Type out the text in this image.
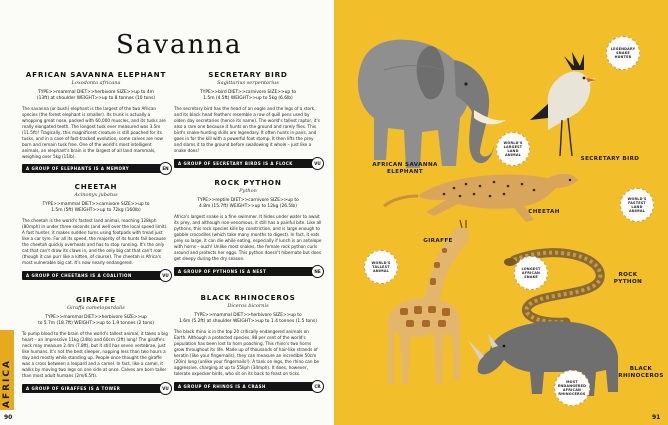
Savanna
AFRICA
AFRICAN SAVANNA ELEPHANT
Loxodonta africana
TYPE>>mammal DIET>>herbivore SIZE>>up to 4m
(13ft) at shoulder WEIGHT>>up to 8 tonnes (10 tons)
The savanna (or bush) elephant is the largest of the two African species (the forest elephant is smaller). Its trunk is actually a whopping great nose, packed with 60,000 muscles, and its tusks are really elongated teeth. The longest tusk ever measured was 3.5m (11.5ft)! Tragically, this magnificent creature is still poached for its tusks, and in a case of fast-tracked evolution, some calves are now born and remain tusk free. One of the world's most intelligent animals, an elephant's brain is the largest of all land mammals, weighing over 5kg (11lb).
A GROUP OF ELEPHANTS IS A MEMORY	EN
CHEETAH
Acinonyx jubatus
TYPE>>mammal DIET>>carnivore SIZE>>up to
1.5m (5ft) WEIGHT>>up to 72kg (160lb)
The cheetah is the world's fastest land animal, reaching 128kph (80mph) in under three seconds (and well over the local speed limit). A fast hunter, it makes sudden turns using footpads with tread just like a car tyre. For all its speed, the majority of its hunts fail because the cheetah quickly overheats and has to stop running. It's the only cat that can't draw its claws in, and the only big cat that can't roar (though it can purr like a kitten, of course). The cheetah is Africa's most vulnerable big cat. It's now nearly endangered.
A GROUP OF CHEETAHS IS A COALITION	VU
GIRAFFE
Giraffa camelopardalis
TYPE>>mammal DIET>>herbivore SIZE>>up
to 5.7m (18.7ft) WEIGHT>>up to 1.9 tonnes (2 tons)
To pump blood to the brain of the world's tallest animal, it takes a big heart – an impressive 11kg (24lb) and 60cm (2ft) long! The giraffe's neck may measure 2.4m (7.8ft), but it still has seven vertebrae, just like humans. It's not the best sleeper, napping less than two hours a day and mostly while standing up. People once thought the giraffe was a cross between a leopard and a camel. In fact, like a camel, it walks by moving two legs on one side at once. Calves are born taller than most adult humans (2m/6.5ft).
A GROUP OF GIRAFFES IS A TOWER	VU
SECRETARY BIRD
Sagittarius serpentarius
TYPE>>bird DIET>>carnivore SIZE>>up to
1.5m (4.5ft) WEIGHT>>up to 5kg (6.6lb)
The secretary bird has the head of an eagle and the legs of a stork, and its black head feathers resemble a row of quill pens used by olden day secretaries (hence its name). The world's tallest raptor, it's also a rare one because it hunts on the ground and rarely flies. This bird's snake-hunting skills are legendary. It often hunts in pairs, and goes in for the kill with a powerful foot stomp. It then lifts the prey and slams it to the ground before swallowing it whole – just like a snake does!
A GROUP OF SECRETARY BIRDS IS A FLOCK	VU
ROCK PYTHON
Python
TYPE>>reptile DIET>>carnivore SIZE>>up to
4.8m (15.7ft) WEIGHT>>up to 12kg (26.5lb)
Africa's largest snake is a fine swimmer. It hides under water to await its prey, and although non-venomous, it still has a painful bite. Like all pythons, this rock species kills by constriction, and is large enough to gobble crocodiles (which take many months to digest). In fact, it eats prey so large, it can die while eating, especially if lunch is an antelope with horns – ouch! Unlike most snakes, the female rock python curls around and protects her eggs. This python doesn't hibernate but does get sleepy during the dry season.
A GROUP OF PYTHONS IS A NEST	NE
BLACK RHINOCEROS
Diceros bicornis
TYPE>>mammal DIET>>herbivore SIZE>>up to
1.6m (5.2ft) at shoulder WEIGHT>>up to 1.4 tonnes (1.5 tons)
The black rhino is in the top 20 critically endangered animals on Earth. Although a protected species, 98 per cent of the world's population has been lost to horn poaching. This rhino's two horns grow throughout its life. Made up of thousands of hair-like strands of keratin (like your fingernails), they can measure an incredible 50cm (20in) long (unlike your fingernails!). A tank on legs, the rhino can be aggressive, charging at up to 55kph (34mph). It does, however, tolerate oxpecker birds, who sit on its back to feast on ticks.
A GROUP OF RHINOS IS A CRASH	CR
90
LEGENDARY SNAKE HUNTER
WORLD'S LARGEST LAND ANIMAL
WORLD'S FASTEST LAND ANIMAL
WORLD'S TALLEST ANIMAL
LONGEST AFRICAN SNAKE
MOST ENDANGERED AFRICAN RHINOCEROS
AFRICAN SAVANNA ELEPHANT
SECRETARY BIRD
CHEETAH
GIRAFFE
ROCK PYTHON
BLACK RHINOCEROS
91
